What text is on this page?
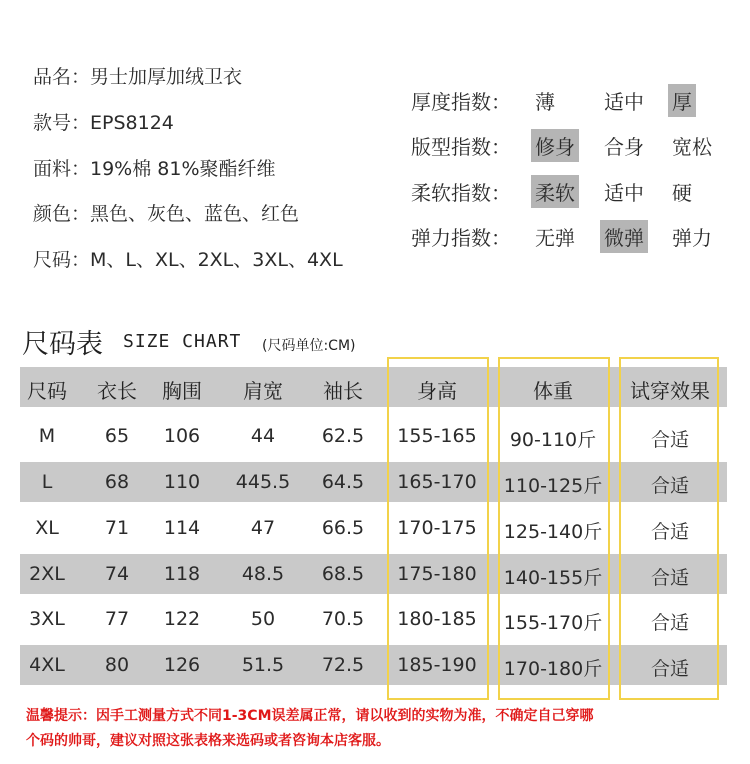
品名：男士加厚加绒卫衣
款号：EPS8124
面料：19%棉 81%聚酯纤维
颜色：黑色、灰色、蓝色、红色
尺码：M、L、XL、2XL、3XL、4XL
厚度指数： 薄 适中 厚
版型指数： 修身 合身 宽松
柔软指数： 柔软 适中 硬
弹力指数： 无弹 微弹 弹力
尺码表 SIZE CHART (尺码单位:CM)
尺码 衣长 胸围 肩宽 袖长	身高	体重	试穿效果
M	65 106	44 62.5 155-165 90-110斤	合适
L	68 110 445.5 64.5 165-170 110-125斤	合适
XL 71 114	47 66.5 170-175 125-140斤	合适
2XL 74 118 48.5 68.5 175-180 140-155斤	合适
3XL 77 122	50 70.5 180-185 155-170斤	合适
4XL 80 126 51.5 72.5 185-190 170-180斤	合适
温馨提示：因手工测量方式不同1-3CM误差属正常，请以收到的实物为准，不确定自己穿哪
个码的帅哥，建议对照这张表格来选码或者咨询本店客服。
